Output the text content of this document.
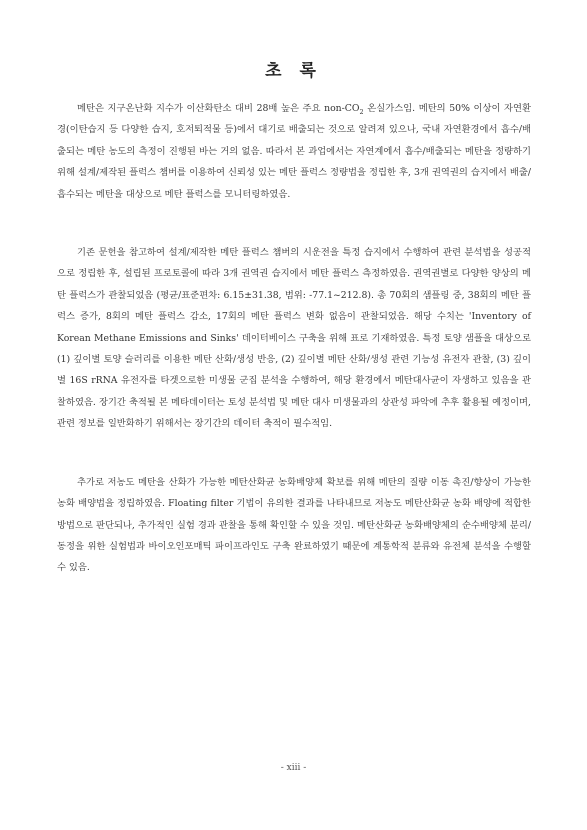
초 록

메탄은 지구온난화 지수가 이산화탄소 대비 28배 높은 주요 non-$CO_2$ 온실가스임. 메탄의 50% 이상이 자연환경(이탄습지 등 다양한 습지, 호저퇴적물 등)에서 대기로 배출되는 것으로 알려져 있으나, 국내 자연환경에서 흡수/배출되는 메탄 농도의 측정이 진행된 바는 거의 없음. 따라서 본 과업에서는 자연계에서 흡수/배출되는 메탄을 정량하기 위해 설계/제작된 플럭스 챔버를 이용하여 신뢰성 있는 메탄 플럭스 정량법을 정립한 후, 3개 권역권의 습지에서 배출/흡수되는 메탄을 대상으로 메탄 플럭스를 모니터링하였음.

기존 문헌을 참고하여 설계/제작한 메탄 플럭스 챔버의 시운전을 특정 습지에서 수행하여 관련 분석법을 성공적으로 정립한 후, 설립된 프로토콜에 따라 3개 권역권 습지에서 메탄 플럭스 측정하였음. 권역권별로 다양한 양상의 메탄 플럭스가 관찰되었음 (평균/표준편차: 6.15±31.38, 범위: -77.1~212.8). 총 70회의 샘플링 중, 38회의 메탄 플럭스 증가, 8회의 메탄 플럭스 감소, 17회의 메탄 플럭스 변화 없음이 관찰되었음. 해당 수치는 'Inventory of Korean Methane Emissions and Sinks' 데이터베이스 구축을 위해 표로 기재하였음. 특정 토양 샘플을 대상으로 (1) 깊이별 토양 슬러리를 이용한 메탄 산화/생성 반응, (2) 깊이별 메탄 산화/생성 관련 기능성 유전자 관찰, (3) 깊이별 16S rRNA 유전자를 타겟으로한 미생물 군집 분석을 수행하여, 해당 환경에서 메탄대사균이 자생하고 있음을 관찰하였음. 장기간 축적될 본 메타데이터는 토성 분석법 및 메탄 대사 미생물과의 상관성 파악에 추후 활용될 예정이며, 관련 정보를 일반화하기 위해서는 장기간의 데이터 축적이 필수적임.

추가로 저농도 메탄을 산화가 가능한 메탄산화균 농화배양체 확보를 위해 메탄의 질량 이동 촉진/향상이 가능한 농화 배양법을 정립하였음. Floating filter 기법이 유의한 결과를 나타내므로 저농도 메탄산화균 농화 배양에 적합한 방법으로 판단되나, 추가적인 실험 경과 관찰을 통해 확인할 수 있을 것임. 메탄산화균 농화배양체의 순수배양체 분리/동정을 위한 실험법과 바이오인포매틱 파이프라인도 구축 완료하였기 때문에 계통학적 분류와 유전체 분석을 수행할 수 있음.

- xiii -
